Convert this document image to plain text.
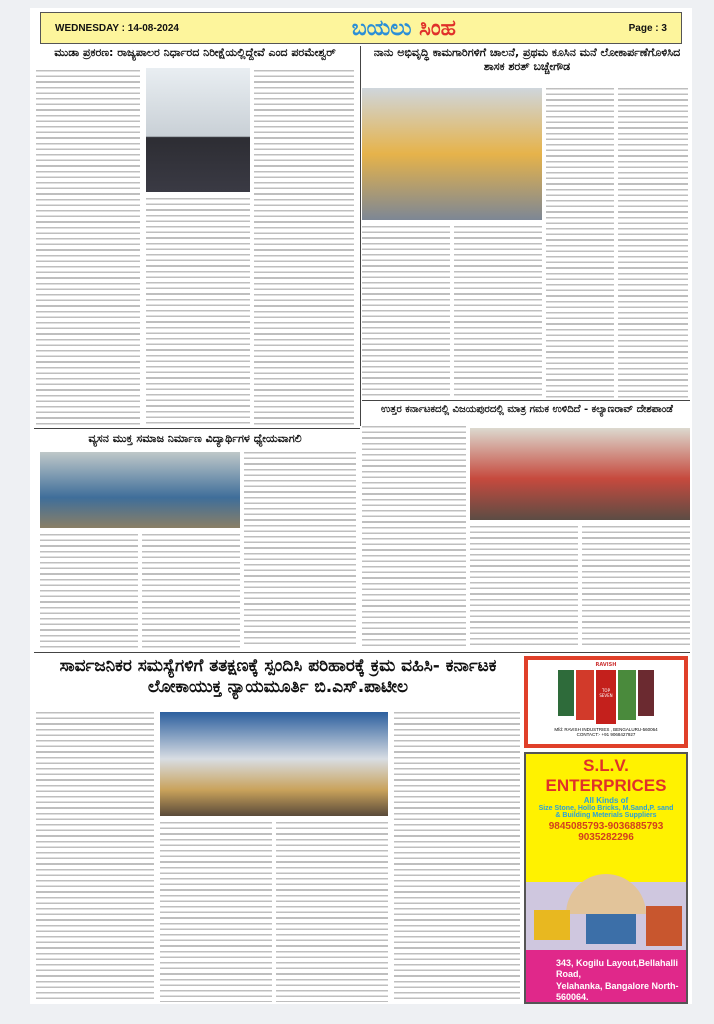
WEDNESDAY : 14-08-2024	ಬಯಲು ಸಿಂಹ	Page : 3
ಮುಡಾ ಪ್ರಕರಣ: ರಾಜ್ಯಪಾಲರ ನಿರ್ಧಾರದ ನಿರೀಕ್ಷೆಯಲ್ಲಿದ್ದೇವೆ ಎಂದ ಪರಮೇಶ್ವರ್	ನಾನು ಅಭಿವೃದ್ಧಿ ಕಾಮಗಾರಿಗಳಿಗೆ ಚಾಲನೆ, ಪ್ರಥಮ ಕೂಸಿನ ಮನೆ ಲೋಕಾರ್ಪಣೆಗೊಳಿಸಿದ ಶಾಸಕ ಶರತ್ ಬಚ್ಚೇಗೌಡ
ಉತ್ತರ ಕರ್ನಾಟಕದಲ್ಲಿ ವಿಜಯಪುರದಲ್ಲಿ ಮಾತ್ರ ಗಮಕ ಉಳಿದಿದೆ - ಕಲ್ಯಾಣರಾವ್ ದೇಶಪಾಂಡೆ
ವ್ಯಸನ ಮುಕ್ತ ಸಮಾಜ ನಿರ್ಮಾಣ ವಿದ್ಯಾರ್ಥಿಗಳ ಧ್ಯೇಯವಾಗಲಿ
ಸಾರ್ವಜನಿಕರ ಸಮಸ್ಯೆಗಳಿಗೆ ತತಕ್ಷಣಕ್ಕೆ ಸ್ಪಂದಿಸಿ ಪರಿಹಾರಕ್ಕೆ ಕ್ರಮ ವಹಿಸಿ- ಕರ್ನಾಟಕ ಲೋಕಾಯುಕ್ತ ನ್ಯಾಯಮೂರ್ತಿ ಬಿ.ಎಸ್.ಪಾಟೀಲ
RAVISH
TOP SEVEN
Mfd: RAVISH INDUSTRIES , BENGALURU-560064
CONTACT:- +91 9068427927
S.L.V. ENTERPRICES
All Kinds of
Size Stone, Hollo Bricks, M.Sand,P. sand
& Building Meterials Suppliers
9845085793-9036885793
9035282296
343, Kogilu Layout,Bellahalli Road,
Yelahanka, Bangalore North-560064.
